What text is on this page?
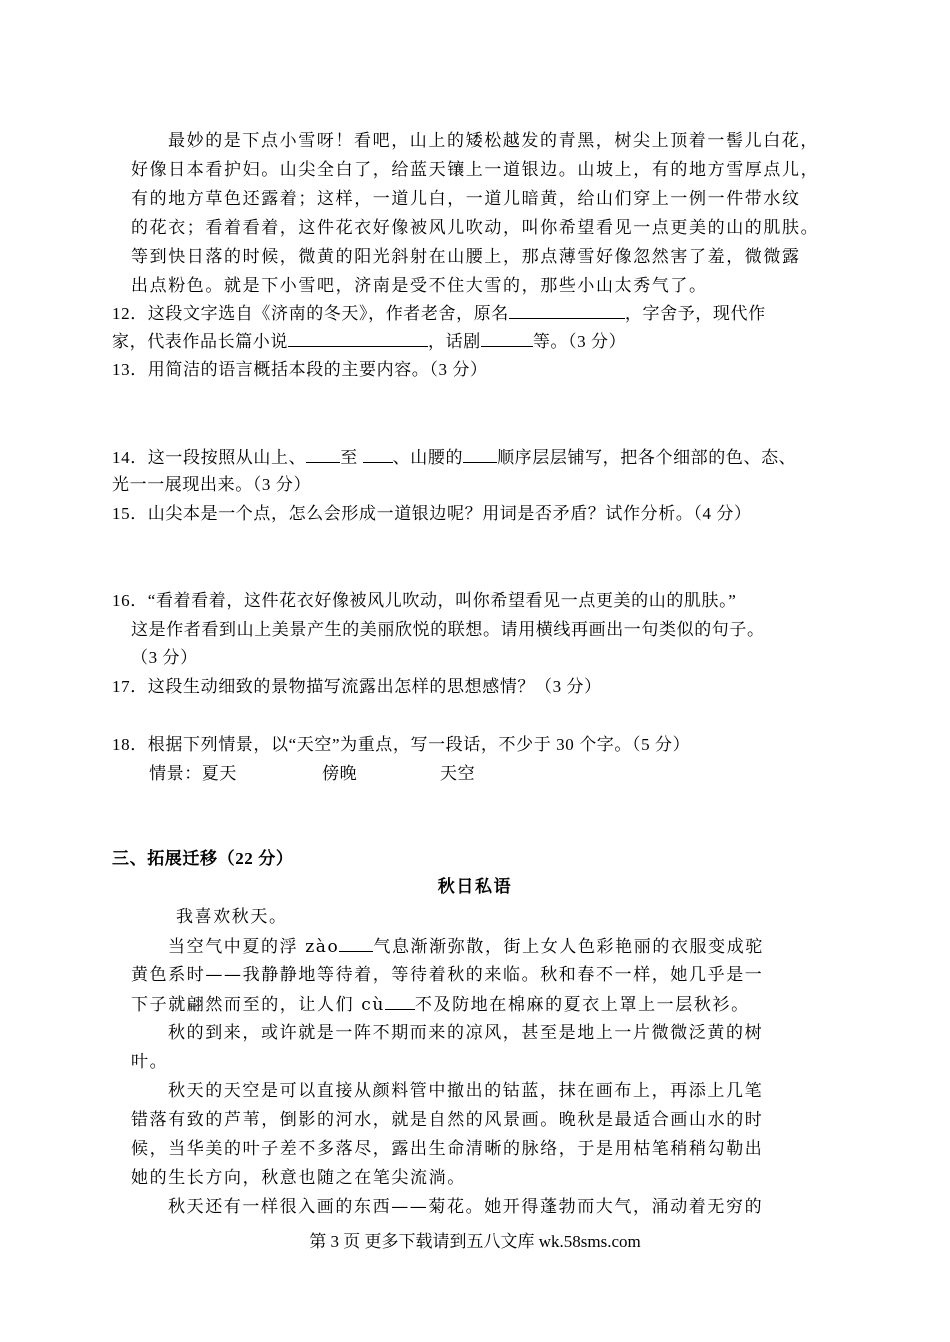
最妙的是下点小雪呀！看吧，山上的矮松越发的青黑，树尖上顶着一髻儿白花，
好像日本看护妇。山尖全白了，给蓝天镶上一道银边。山坡上，有的地方雪厚点儿，
有的地方草色还露着；这样，一道儿白，一道儿暗黄，给山们穿上一例一件带水纹
的花衣；看着看着，这件花衣好像被风儿吹动，叫你希望看见一点更美的山的肌肤。
等到快日落的时候，微黄的阳光斜射在山腰上，那点薄雪好像忽然害了羞，微微露
出点粉色。就是下小雪吧，济南是受不住大雪的，那些小山太秀气了。
12．这段文字选自《济南的冬天》，作者老舍，原名	，字舍予，现代作
家，代表作品长篇小说	，话剧	等。（3 分）
13．用简洁的语言概括本段的主要内容。（3 分）
14．这一段按照从山上、 至 、山腰的 顺序层层铺写，把各个细部的色、态、
光一一展现出来。（3 分）
15．山尖本是一个点，怎么会形成一道银边呢？用词是否矛盾？试作分析。（4 分）
16．“看着看着，这件花衣好像被风儿吹动，叫你希望看见一点更美的山的肌肤。”
这是作者看到山上美景产生的美丽欣悦的联想。请用横线再画出一句类似的句子。
（3 分）
17．这段生动细致的景物描写流露出怎样的思想感情？（3 分）
18．根据下列情景，以“天空”为重点，写一段话，不少于 30 个字。（5 分）
情景：夏天	傍晚	天空
三、拓展迁移（22 分）
秋日私语
我喜欢秋天。
当空气中夏的浮 zào 气息渐渐弥散，街上女人色彩艳丽的衣服变成驼
黄色系时——我静静地等待着，等待着秋的来临。秋和春不一样，她几乎是一
下子就翩然而至的，让人们 cù 不及防地在棉麻的夏衣上罩上一层秋衫。
秋的到来，或许就是一阵不期而来的凉风，甚至是地上一片微微泛黄的树
叶。
秋天的天空是可以直接从颜料管中撤出的钴蓝，抹在画布上，再添上几笔
错落有致的芦苇，倒影的河水，就是自然的风景画。晚秋是最适合画山水的时
候，当华美的叶子差不多落尽，露出生命清晰的脉络，于是用枯笔稍稍勾勒出
她的生长方向，秋意也随之在笔尖流淌。
秋天还有一样很入画的东西——菊花。她开得蓬勃而大气，涌动着无穷的
第 3 页 更多下载请到五八文库 wk.58sms.com
